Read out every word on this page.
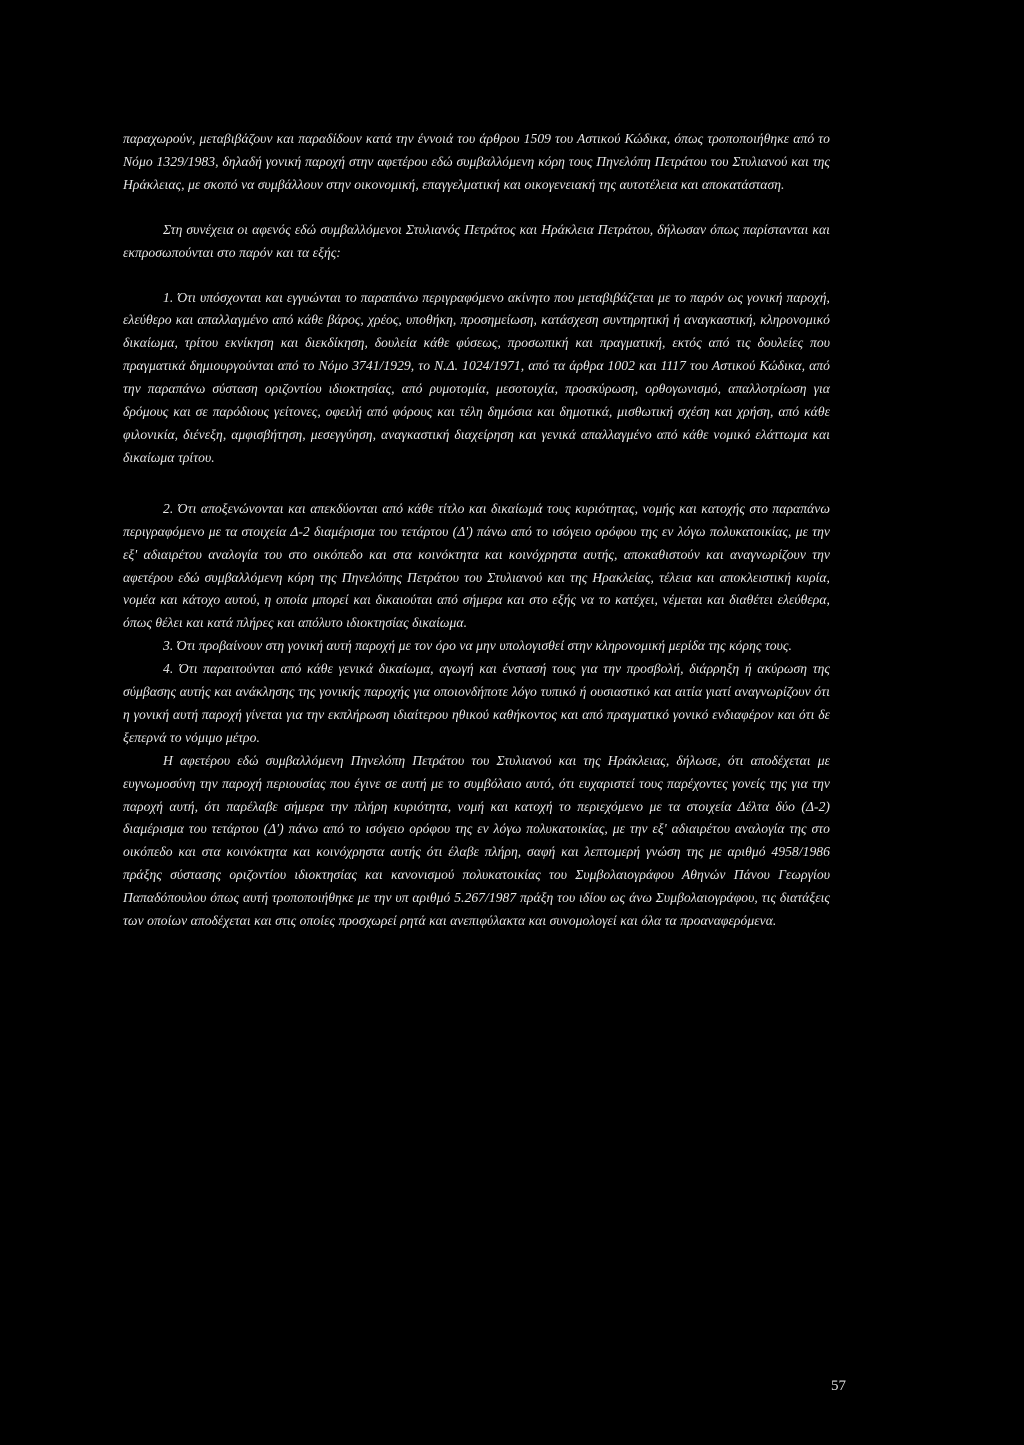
παραχωρούν, μεταβιβάζουν και παραδίδουν κατά την έννοιά του άρθρου 1509 του Αστικού Κώδικα, όπως τροποποιήθηκε από το Νόμο 1329/1983, δηλαδή γονική παροχή στην αφετέρου εδώ συμβαλλόμενη κόρη τους Πηνελόπη Πετράτου του Στυλιανού και της Ηράκλειας, με σκοπό να συμβάλλουν στην οικονομική, επαγγελματική και οικογενειακή της αυτοτέλεια και αποκατάσταση.

Στη συνέχεια οι αφενός εδώ συμβαλλόμενοι Στυλιανός Πετράτος και Ηράκλεια Πετράτου, δήλωσαν όπως παρίστανται και εκπροσωπούνται στο παρόν και τα εξής:

1. Ότι υπόσχονται και εγγυώνται το παραπάνω περιγραφόμενο ακίνητο που μεταβιβάζεται με το παρόν ως γονική παροχή, ελεύθερο και απαλλαγμένο από κάθε βάρος, χρέος, υποθήκη, προσημείωση, κατάσχεση συντηρητική ή αναγκαστική, κληρονομικό δικαίωμα, τρίτου εκνίκηση και διεκδίκηση, δουλεία κάθε φύσεως, προσωπική και πραγματική, εκτός από τις δουλείες που πραγματικά δημιουργούνται από το Νόμο 3741/1929, το Ν.Δ. 1024/1971, από τα άρθρα 1002 και 1117 του Αστικού Κώδικα, από την παραπάνω σύσταση οριζοντίου ιδιοκτησίας, από ρυμοτομία, μεσοτοιχία, προσκύρωση, ορθογωνισμό, απαλλοτρίωση για δρόμους και σε παρόδιους γείτονες, οφειλή από φόρους και τέλη δημόσια και δημοτικά, μισθωτική σχέση και χρήση, από κάθε φιλονικία, διένεξη, αμφισβήτηση, μεσεγγύηση, αναγκαστική διαχείρηση και γενικά απαλλαγμένο από κάθε νομικό ελάττωμα και δικαίωμα τρίτου.

2. Ότι αποξενώνονται και απεκδύονται από κάθε τίτλο και δικαίωμά τους κυριότητας, νομής και κατοχής στο παραπάνω περιγραφόμενο με τα στοιχεία Δ-2 διαμέρισμα του τετάρτου (Δ') πάνω από το ισόγειο ορόφου της εν λόγω πολυκατοικίας, με την εξ' αδιαιρέτου αναλογία του στο οικόπεδο και στα κοινόκτητα και κοινόχρηστα αυτής, αποκαθιστούν και αναγνωρίζουν την αφετέρου εδώ συμβαλλόμενη κόρη της Πηνελόπης Πετράτου του Στυλιανού και της Ηρακλείας, τέλεια και αποκλειστική κυρία, νομέα και κάτοχο αυτού, η οποία μπορεί και δικαιούται από σήμερα και στο εξής να το κατέχει, νέμεται και διαθέτει ελεύθερα, όπως θέλει και κατά πλήρες και απόλυτο ιδιοκτησίας δικαίωμα.

3. Ότι προβαίνουν στη γονική αυτή παροχή με τον όρο να μην υπολογισθεί στην κληρονομική μερίδα της κόρης τους.

4. Ότι παραιτούνται από κάθε γενικά δικαίωμα, αγωγή και ένστασή τους για την προσβολή, διάρρηξη ή ακύρωση της σύμβασης αυτής και ανάκλησης της γονικής παροχής για οποιονδήποτε λόγο τυπικό ή ουσιαστικό και αιτία γιατί αναγνωρίζουν ότι η γονική αυτή παροχή γίνεται για την εκπλήρωση ιδιαίτερου ηθικού καθήκοντος και από πραγματικό γονικό ενδιαφέρον και ότι δε ξεπερνά το νόμιμο μέτρο.

Η αφετέρου εδώ συμβαλλόμενη Πηνελόπη Πετράτου του Στυλιανού και της Ηράκλειας, δήλωσε, ότι αποδέχεται με ευγνωμοσύνη την παροχή περιουσίας που έγινε σε αυτή με το συμβόλαιο αυτό, ότι ευχαριστεί τους παρέχοντες γονείς της για την παροχή αυτή, ότι παρέλαβε σήμερα την πλήρη κυριότητα, νομή και κατοχή το περιεχόμενο με τα στοιχεία Δέλτα δύο (Δ-2) διαμέρισμα του τετάρτου (Δ') πάνω από το ισόγειο ορόφου της εν λόγω πολυκατοικίας, με την εξ' αδιαιρέτου αναλογία της στο οικόπεδο και στα κοινόκτητα και κοινόχρηστα αυτής ότι έλαβε πλήρη, σαφή και λεπτομερή γνώση της με αριθμό 4958/1986 πράξης σύστασης οριζοντίου ιδιοκτησίας και κανονισμού πολυκατοικίας του Συμβολαιογράφου Αθηνών Πάνου Γεωργίου Παπαδόπουλου όπως αυτή τροποποιήθηκε με την υπ αριθμό 5.267/1987 πράξη του ιδίου ως άνω Συμβολαιογράφου, τις διατάξεις των οποίων αποδέχεται και στις οποίες προσχωρεί ρητά και ανεπιφύλακτα και συνομολογεί και όλα τα προαναφερόμενα.

57
